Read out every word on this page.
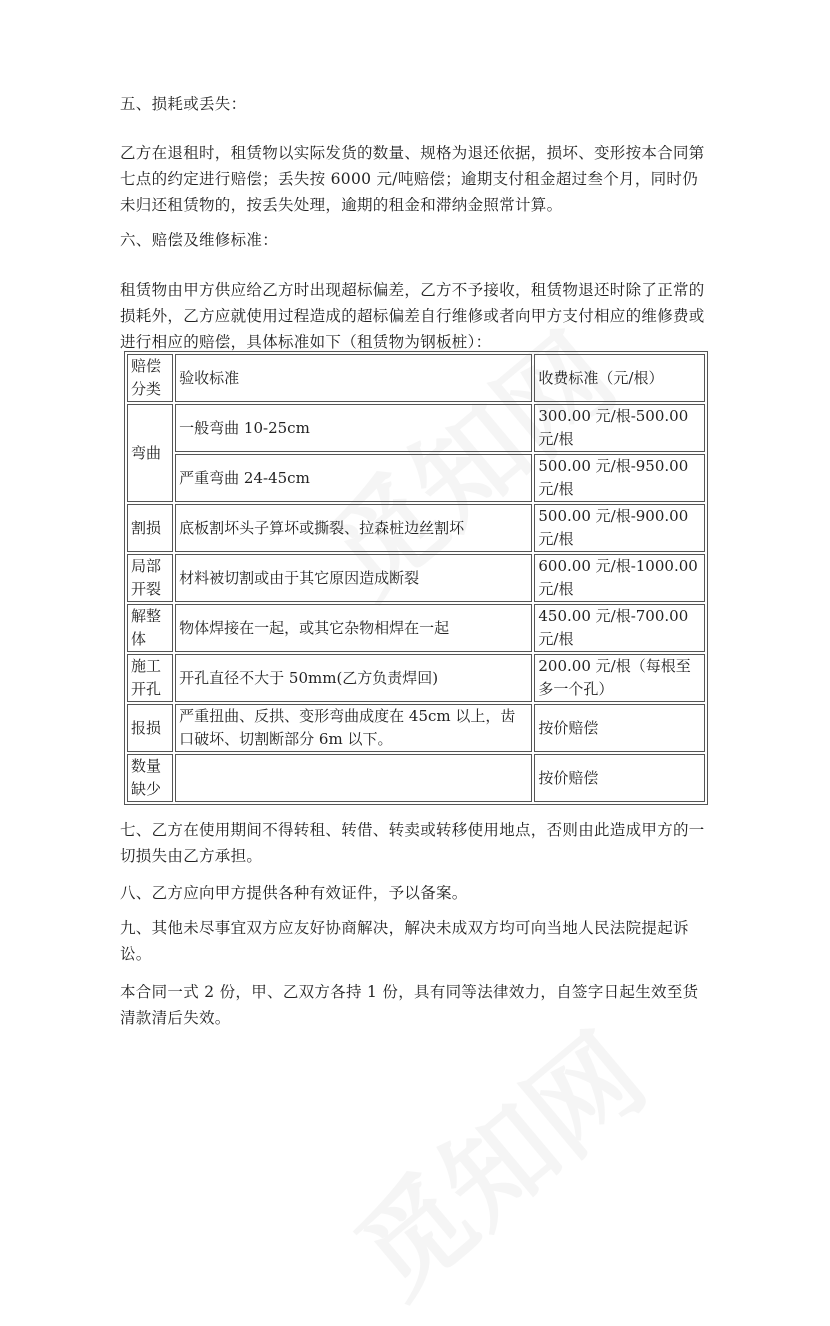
五、损耗或丢失：

乙方在退租时，租赁物以实际发货的数量、规格为退还依据，损坏、变形按本合同第七点的约定进行赔偿；丢失按 6000 元/吨赔偿；逾期支付租金超过叁个月，同时仍未归还租赁物的，按丢失处理，逾期的租金和滞纳金照常计算。

六、赔偿及维修标准：

租赁物由甲方供应给乙方时出现超标偏差，乙方不予接收，租赁物退还时除了正常的损耗外，乙方应就使用过程造成的超标偏差自行维修或者向甲方支付相应的维修费或进行相应的赔偿，具体标准如下（租赁物为钢板桩）：

赔偿分类	验收标准	收费标准（元/根）
弯曲	一般弯曲 10-25cm	300.00 元/根-500.00 元/根
	严重弯曲 24-45cm	500.00 元/根-950.00 元/根
割损	底板割坏头子算坏或撕裂、拉森桩边丝割坏	500.00 元/根-900.00 元/根
局部开裂	材料被切割或由于其它原因造成断裂	600.00 元/根-1000.00 元/根
解整体	物体焊接在一起，或其它杂物相焊在一起	450.00 元/根-700.00 元/根
施工开孔	开孔直径不大于 50mm(乙方负责焊回)	200.00 元/根（每根至多一个孔）
报损	严重扭曲、反拱、变形弯曲成度在 45cm 以上，齿口破坏、切割断部分 6m 以下。	按价赔偿
数量缺少		按价赔偿

七、乙方在使用期间不得转租、转借、转卖或转移使用地点，否则由此造成甲方的一切损失由乙方承担。

八、乙方应向甲方提供各种有效证件，予以备案。

九、其他未尽事宜双方应友好协商解决，解决未成双方均可向当地人民法院提起诉讼。

本合同一式 2 份，甲、乙双方各持 1 份，具有同等法律效力，自签字日起生效至货清款清后失效。
